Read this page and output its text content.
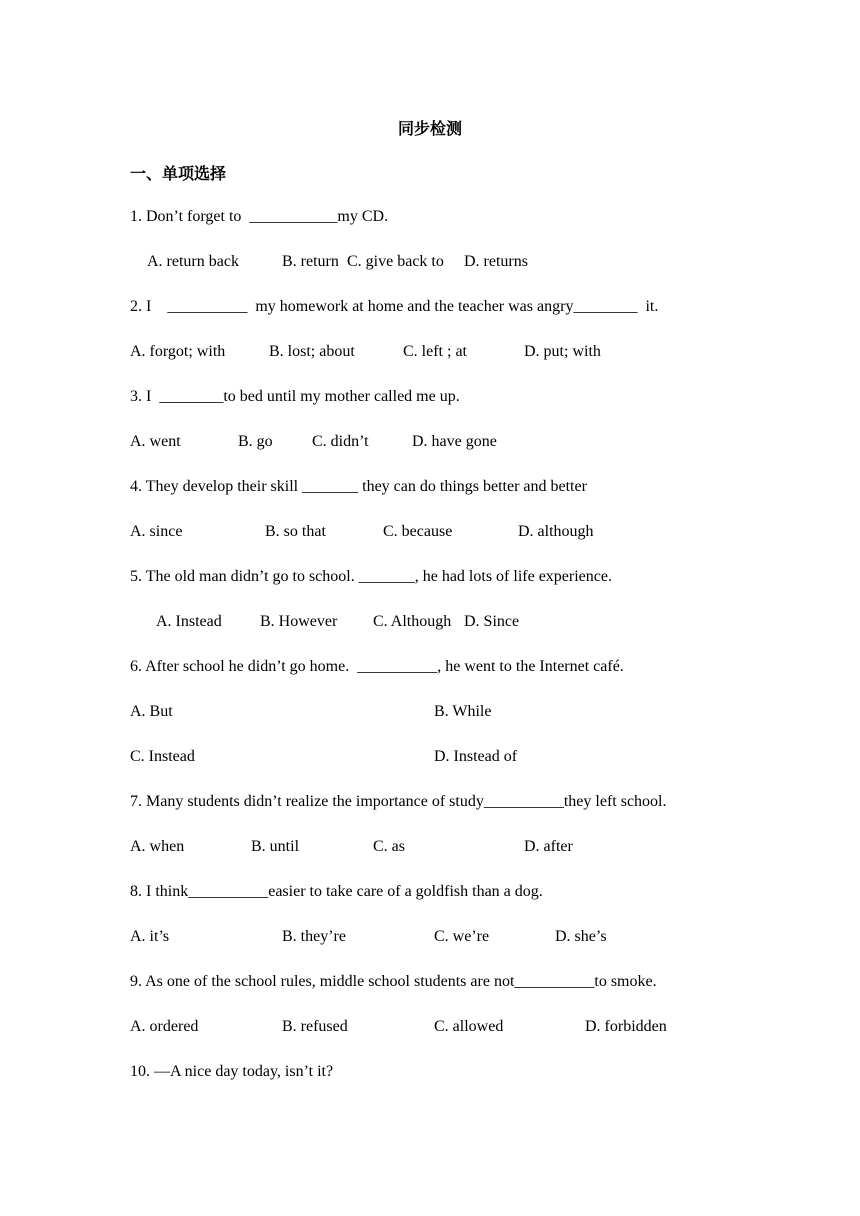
同步检测
一、单项选择
1. Don’t forget to  ___________my CD.
A. return back	B. return C. give back to D. returns
2. I    __________  my homework at home and the teacher was angry________  it.
A. forgot; with	B. lost; about	C. left ; at	D. put; with
3. I  ________to bed until my mother called me up.
A. went	B. go C. didn’t	D. have gone
4. They develop their skill _______ they can do things better and better
A. since	B. so that	C. because	D. although
5. The old man didn’t go to school. _______, he had lots of life experience.
A. Instead B. However C. Although D. Since
6. After school he didn’t go home.  __________, he went to the Internet café.
A. But	B. While
C. Instead	D. Instead of
7. Many students didn’t realize the importance of study__________they left school.
A. when	B. until	C. as	D. after
8. I think__________easier to take care of a goldfish than a dog.
A. it’s	B. they’re	C. we’re	D. she’s
9. As one of the school rules, middle school students are not__________to smoke.
A. ordered	B. refused	C. allowed	D. forbidden
10. —A nice day today, isn’t it?
